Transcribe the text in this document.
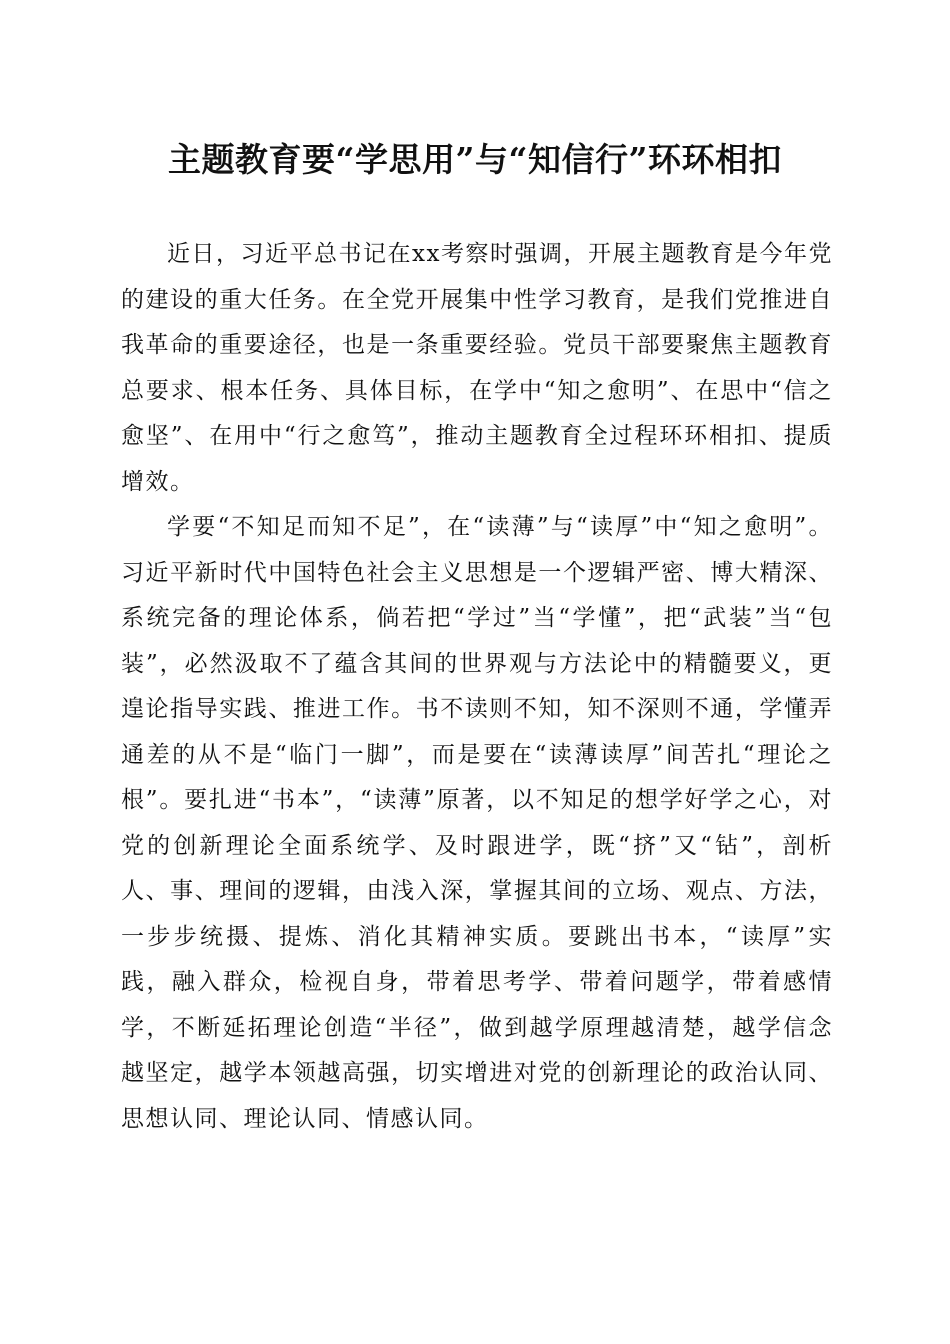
主题教育要“学思用”与“知信行”环环相扣

近日，习近平总书记在xx考察时强调，开展主题教育是今年党的建设的重大任务。在全党开展集中性学习教育，是我们党推进自我革命的重要途径，也是一条重要经验。党员干部要聚焦主题教育总要求、根本任务、具体目标，在学中“知之愈明”、在思中“信之愈坚”、在用中“行之愈笃”，推动主题教育全过程环环相扣、提质增效。

学要“不知足而知不足”，在“读薄”与“读厚”中“知之愈明”。习近平新时代中国特色社会主义思想是一个逻辑严密、博大精深、系统完备的理论体系，倘若把“学过”当“学懂”，把“武装”当“包装”，必然汲取不了蕴含其间的世界观与方法论中的精髓要义，更遑论指导实践、推进工作。书不读则不知，知不深则不通，学懂弄通差的从不是“临门一脚”，而是要在“读薄读厚”间苦扎“理论之根”。要扎进“书本”，“读薄”原著，以不知足的想学好学之心，对党的创新理论全面系统学、及时跟进学，既“挤”又“钻”，剖析人、事、理间的逻辑，由浅入深，掌握其间的立场、观点、方法，一步步统摄、提炼、消化其精神实质。要跳出书本，“读厚”实践，融入群众，检视自身，带着思考学、带着问题学，带着感情学，不断延拓理论创造“半径”，做到越学原理越清楚，越学信念越坚定，越学本领越高强，切实增进对党的创新理论的政治认同、思想认同、理论认同、情感认同。
